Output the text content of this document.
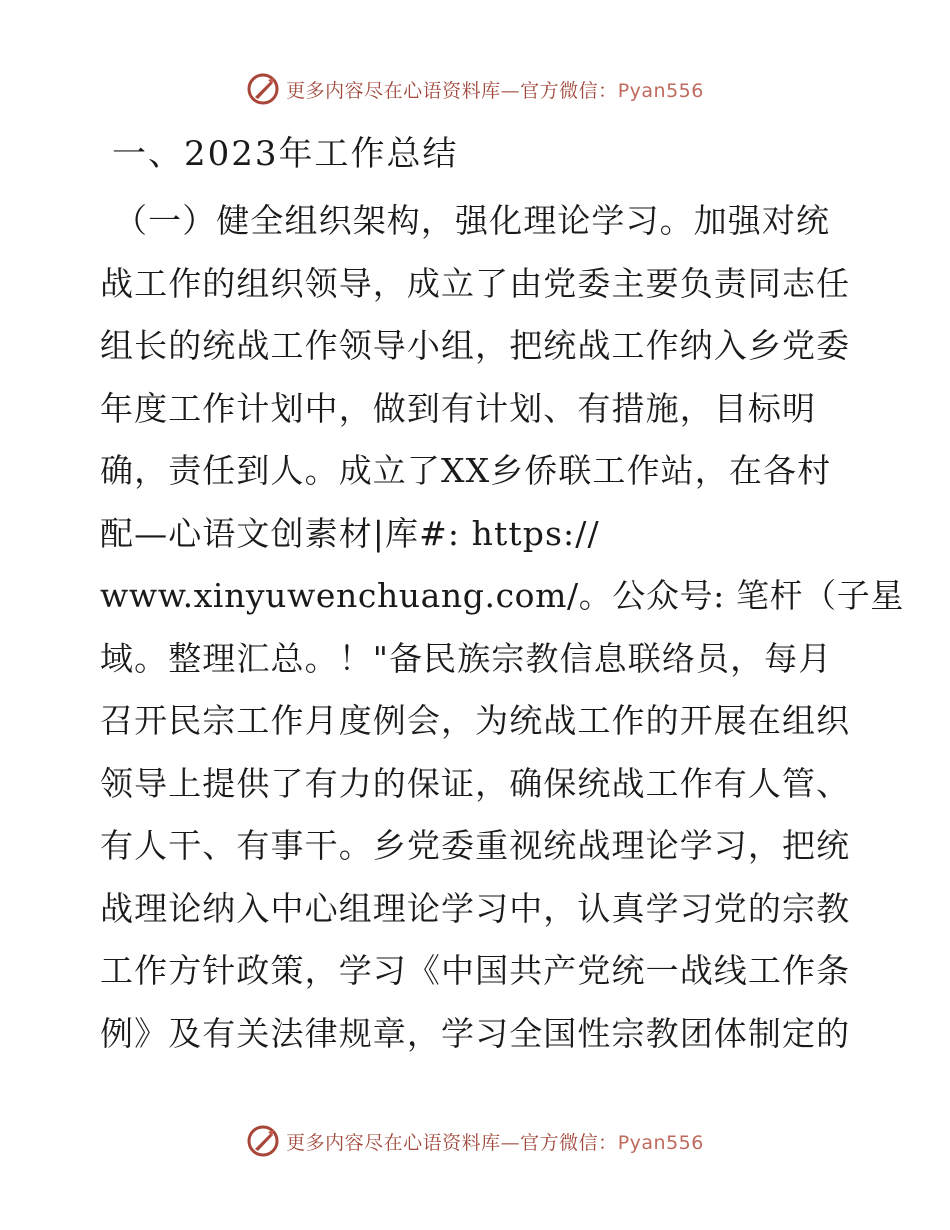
更多内容尽在心语资料库—官方微信：Pyan556
一、2023年工作总结
（一）健全组织架构，强化理论学习。加强对统
战工作的组织领导，成立了由党委主要负责同志任
组长的统战工作领导小组，把统战工作纳入乡党委
年度工作计划中，做到有计划、有措施，目标明
确，责任到人。成立了XX乡侨联工作站，在各村
配—心语文创素材|库#: https://
www.xinyuwenchuang.com/。公众号: 笔杆（子星
域。整理汇总。！"备民族宗教信息联络员，每月
召开民宗工作月度例会，为统战工作的开展在组织
领导上提供了有力的保证，确保统战工作有人管、
有人干、有事干。乡党委重视统战理论学习，把统
战理论纳入中心组理论学习中，认真学习党的宗教
工作方针政策，学习《中国共产党统一战线工作条
例》及有关法律规章，学习全国性宗教团体制定的
更多内容尽在心语资料库—官方微信：Pyan556
